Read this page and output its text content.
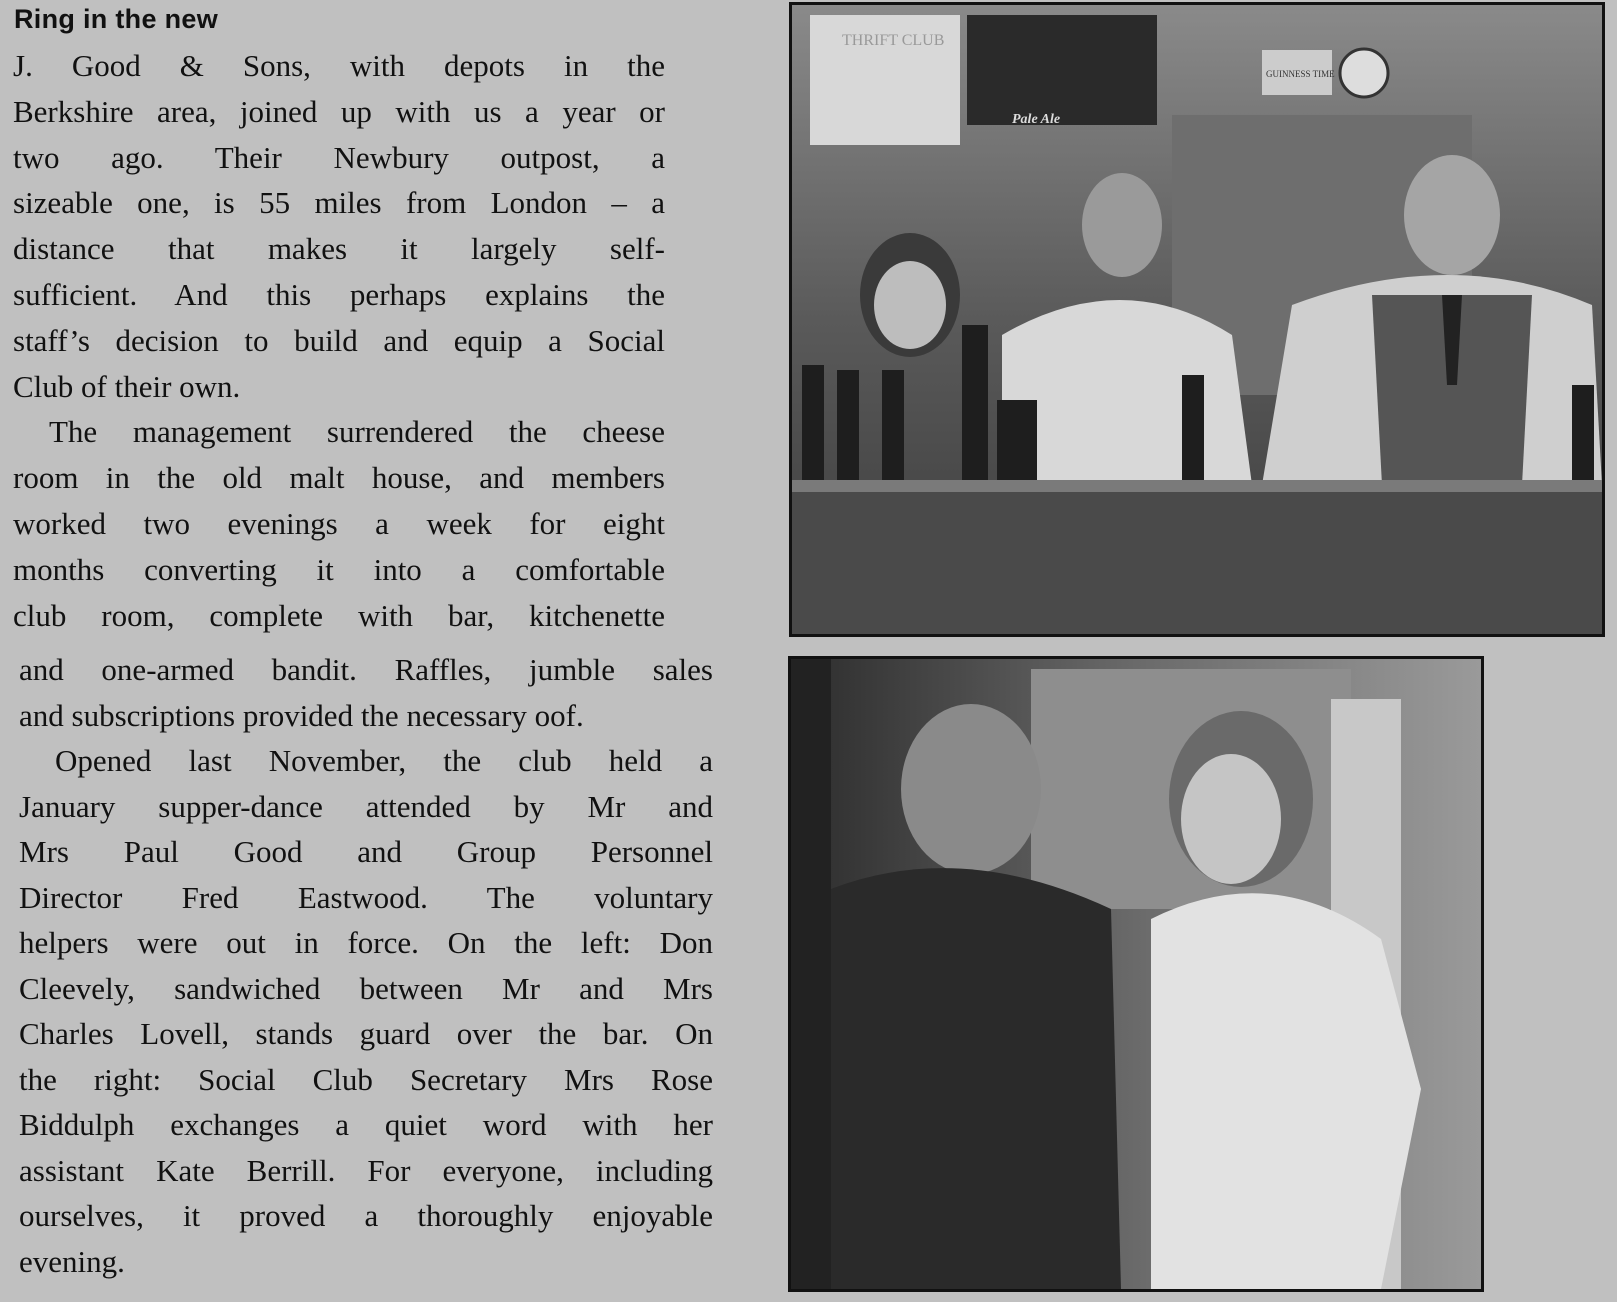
Ring in the new
J. Good & Sons, with depots in the
Berkshire area, joined up with us a year or
two ago. Their Newbury outpost, a
sizeable one, is 55 miles from London – a
distance that makes it largely self-
sufficient. And this perhaps explains the
staff’s decision to build and equip a Social
Club of their own.
The management surrendered the cheese
room in the old malt house, and members
worked two evenings a week for eight
months converting it into a comfortable
club room, complete with bar, kitchenette
and one-armed bandit. Raffles, jumble sales
and subscriptions provided the necessary oof.
Opened last November, the club held a
January supper-dance attended by Mr and
Mrs Paul Good and Group Personnel
Director Fred Eastwood. The voluntary
helpers were out in force. On the left: Don
Cleevely, sandwiched between Mr and Mrs
Charles Lovell, stands guard over the bar. On
the right: Social Club Secretary Mrs Rose
Biddulph exchanges a quiet word with her
assistant Kate Berrill. For everyone, including
ourselves, it proved a thoroughly enjoyable
evening.
THRIFT CLUB
Pale Ale
GUINNESS TIME
